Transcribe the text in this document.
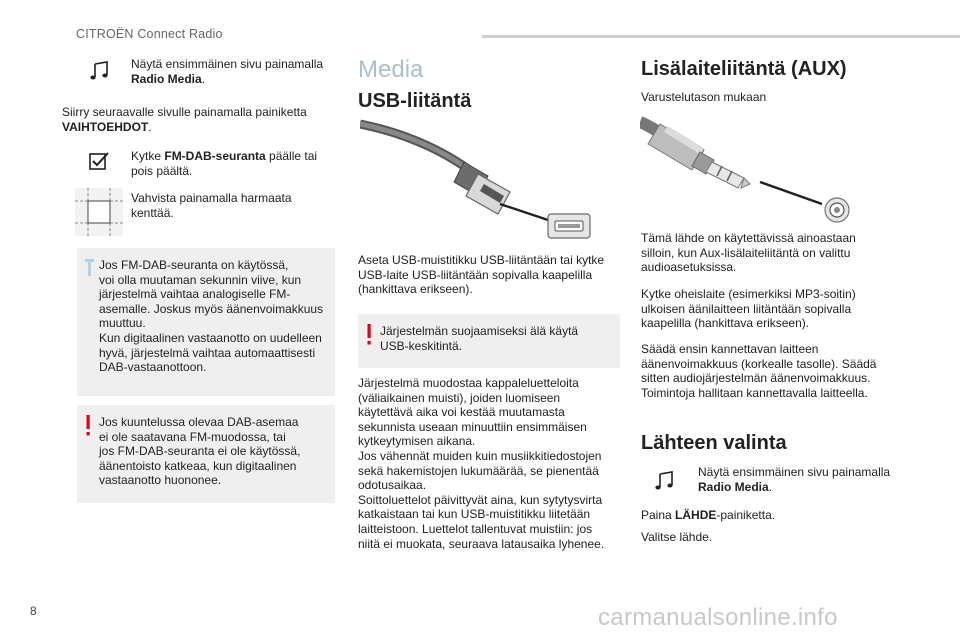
CITROËN Connect Radio
Näytä ensimmäinen sivu painamalla Radio Media.
Siirry seuraavalle sivulle painamalla painiketta VAIHTOEHDOT.
Kytke FM-DAB-seuranta päälle tai pois päältä.
Vahvista painamalla harmaata kenttää.
Jos FM-DAB-seuranta on käytössä,
voi olla muutaman sekunnin viive, kun
järjestelmä vaihtaa analogiselle FM-
asemalle. Joskus myös äänenvoimakkuus
muuttuu.
Kun digitaalinen vastaanotto on uudelleen
hyvä, järjestelmä vaihtaa automaattisesti
DAB-vastaanottoon.
Jos kuuntelussa olevaa DAB-asemaa
ei ole saatavana FM-muodossa, tai
jos FM-DAB-seuranta ei ole käytössä,
äänentoisto katkeaa, kun digitaalinen
vastaanotto huononee.
Media
USB-liitäntä
Aseta USB-muistitikku USB-liitäntään tai kytke
USB-laite USB-liitäntään sopivalla kaapelilla
(hankittava erikseen).
Järjestelmän suojaamiseksi älä käytä
USB-keskitintä.
Järjestelmä muodostaa kappaleluetteloita
(väliaikainen muisti), joiden luomiseen
käytettävä aika voi kestää muutamasta
sekunnista useaan minuuttiin ensimmäisen
kytkeytymisen aikana.
Jos vähennät muiden kuin musiikkitiedostojen
sekä hakemistojen lukumäärää, se pienentää
odotusaikaa.
Soittoluettelot päivittyvät aina, kun sytytysvirta
katkaistaan tai kun USB-muistitikku liitetään
laitteistoon. Luettelot tallentuvat muistiin: jos
niitä ei muokata, seuraava latausaika lyhenee.
Lisälaiteliitäntä (AUX)
Varustelutason mukaan
Tämä lähde on käytettävissä ainoastaan
silloin, kun Aux-lisälaiteliitäntä on valittu
audioasetuksissa.
Kytke oheislaite (esimerkiksi MP3-soitin)
ulkoisen äänilaitteen liitäntään sopivalla
kaapelilla (hankittava erikseen).
Säädä ensin kannettavan laitteen
äänenvoimakkuus (korkealle tasolle). Säädä
sitten audiojärjestelmän äänenvoimakkuus.
Toimintoja hallitaan kannettavalla laitteella.
Lähteen valinta
Näytä ensimmäinen sivu painamalla Radio Media.
Paina LÄHDE-painiketta.
Valitse lähde.
8	carmanualsonline.info
